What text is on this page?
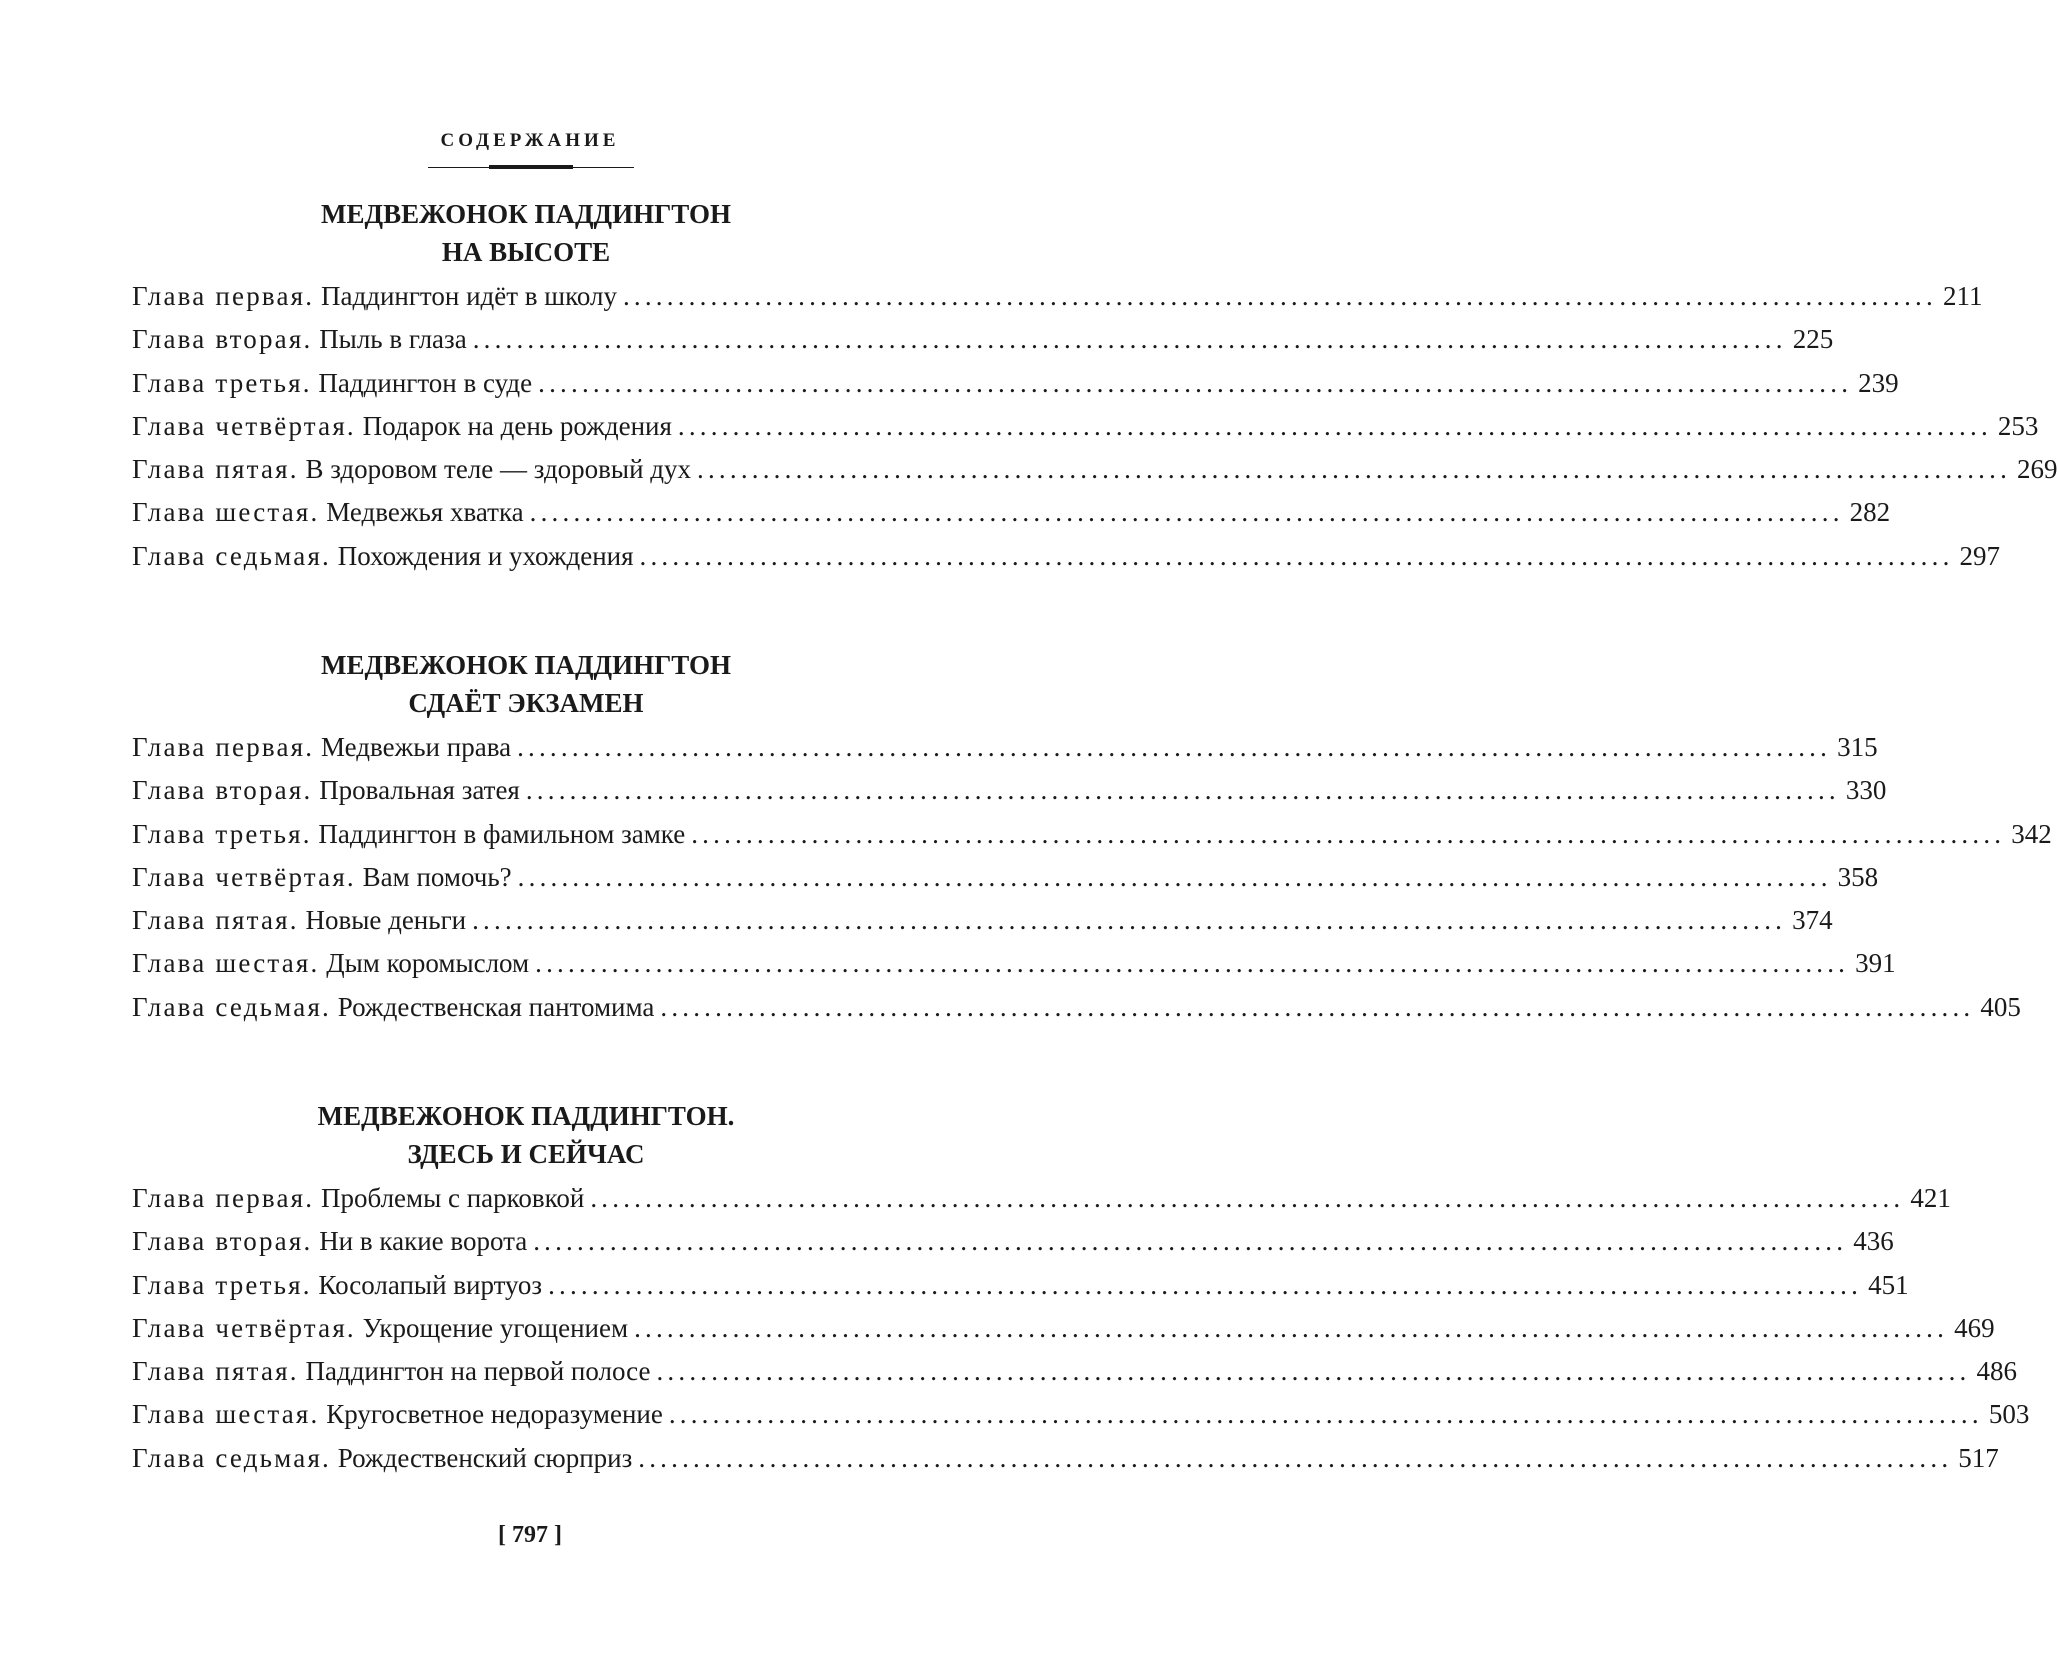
СОДЕРЖАНИЕ
МЕДВЕЖОНОК ПАДДИНГТОН
НА ВЫСОТЕ
Глава первая.
Паддингтон идёт в школу ........................................................................................................................ 211
Глава вторая.
Пыль в глаза ........................................................................................................................ 225
Глава третья.
Паддингтон в суде ........................................................................................................................ 239
Глава четвёртая.
Подарок на день рождения ........................................................................................................................ 253
Глава пятая.
В здоровом теле — здоровый дух ........................................................................................................................ 269
Глава шестая.
Медвежья хватка ........................................................................................................................ 282
Глава седьмая.
Похождения и ухождения ........................................................................................................................ 297
МЕДВЕЖОНОК ПАДДИНГТОН
СДАЁТ ЭКЗАМЕН
Глава первая.
Медвежьи права ........................................................................................................................ 315
Глава вторая.
Провальная затея ........................................................................................................................ 330
Глава третья.
Паддингтон в фамильном замке ........................................................................................................................ 342
Глава четвёртая.
Вам помочь? ........................................................................................................................ 358
Глава пятая.
Новые деньги ........................................................................................................................ 374
Глава шестая.
Дым коромыслом ........................................................................................................................ 391
Глава седьмая.
Рождественская пантомима ........................................................................................................................ 405
МЕДВЕЖОНОК ПАДДИНГТОН.
ЗДЕСЬ И СЕЙЧАС
Глава первая.
Проблемы с парковкой ........................................................................................................................ 421
Глава вторая.
Ни в какие ворота ........................................................................................................................ 436
Глава третья.
Косолапый виртуоз ........................................................................................................................ 451
Глава четвёртая.
Укрощение угощением ........................................................................................................................ 469
Глава пятая.
Паддингтон на первой полосе ........................................................................................................................ 486
Глава шестая.
Кругосветное недоразумение ........................................................................................................................ 503
Глава седьмая.
Рождественский сюрприз ........................................................................................................................ 517
[ 797 ]
